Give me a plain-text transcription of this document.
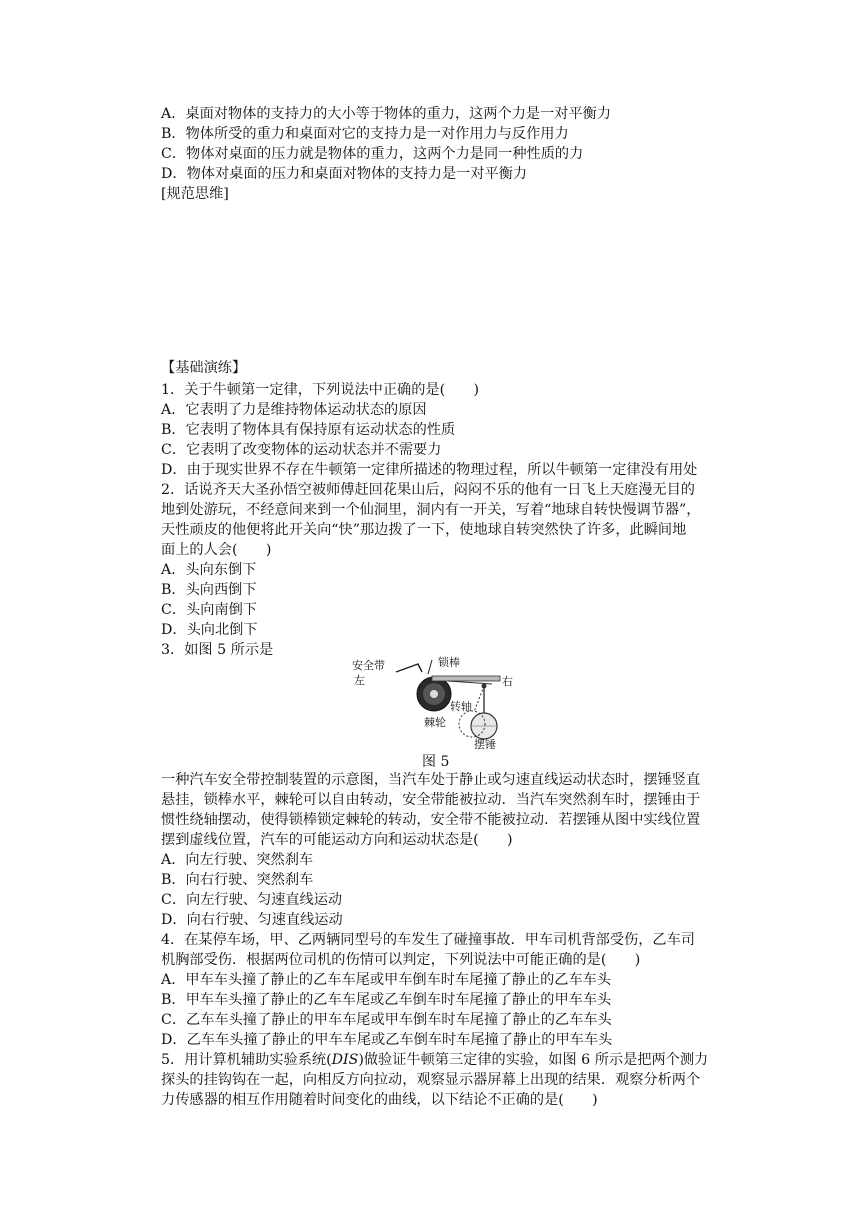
A．桌面对物体的支持力的大小等于物体的重力，这两个力是一对平衡力
B．物体所受的重力和桌面对它的支持力是一对作用力与反作用力
C．物体对桌面的压力就是物体的重力，这两个力是同一种性质的力
D．物体对桌面的压力和桌面对物体的支持力是一对平衡力
[规范思维]
【基础演练】
1．关于牛顿第一定律，下列说法中正确的是(　　)
A．它表明了力是维持物体运动状态的原因
B．它表明了物体具有保持原有运动状态的性质
C．它表明了改变物体的运动状态并不需要力
D．由于现实世界不存在牛顿第一定律所描述的物理过程，所以牛顿第一定律没有用处
2．话说齐天大圣孙悟空被师傅赶回花果山后，闷闷不乐的他有一日飞上天庭漫无目的
地到处游玩，不经意间来到一个仙洞里，洞内有一开关，写着“地球自转快慢调节器”，
天性顽皮的他便将此开关向“快”那边拨了一下，使地球自转突然快了许多，此瞬间地
面上的人会(　　)
A．头向东倒下
B．头向西倒下
C．头向南倒下
D．头向北倒下
3．如图 5 所示是
安全带
左
锁棒
右
转轴
棘轮
摆锤
图 5
一种汽车安全带控制装置的示意图，当汽车处于静止或匀速直线运动状态时，摆锤竖直
悬挂，锁棒水平，棘轮可以自由转动，安全带能被拉动．当汽车突然刹车时，摆锤由于
惯性绕轴摆动，使得锁棒锁定棘轮的转动，安全带不能被拉动．若摆锤从图中实线位置
摆到虚线位置，汽车的可能运动方向和运动状态是(　　)
A．向左行驶、突然刹车
B．向右行驶、突然刹车
C．向左行驶、匀速直线运动
D．向右行驶、匀速直线运动
4．在某停车场，甲、乙两辆同型号的车发生了碰撞事故．甲车司机背部受伤，乙车司
机胸部受伤．根据两位司机的伤情可以判定，下列说法中可能正确的是(　　)
A．甲车车头撞了静止的乙车车尾或甲车倒车时车尾撞了静止的乙车车头
B．甲车车头撞了静止的乙车车尾或乙车倒车时车尾撞了静止的甲车车头
C．乙车车头撞了静止的甲车车尾或甲车倒车时车尾撞了静止的乙车车头
D．乙车车头撞了静止的甲车车尾或乙车倒车时车尾撞了静止的甲车车头
5．用计算机辅助实验系统(DIS)做验证牛顿第三定律的实验，如图 6 所示是把两个测力
探头的挂钩钩在一起，向相反方向拉动，观察显示器屏幕上出现的结果．观察分析两个
力传感器的相互作用随着时间变化的曲线，以下结论不正确的是(　　)
